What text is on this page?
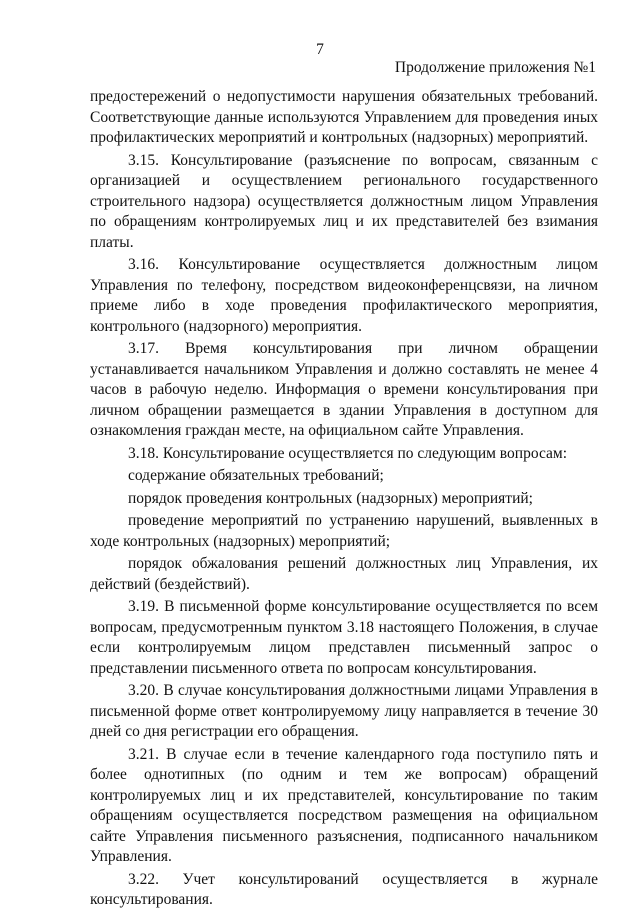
7
Продолжение приложения №1

предостережений о недопустимости нарушения обязательных требований. Соответствующие данные используются Управлением для проведения иных профилактических мероприятий и контрольных (надзорных) мероприятий.

3.15. Консультирование (разъяснение по вопросам, связанным с организацией и осуществлением регионального государственного строительного надзора) осуществляется должностным лицом Управления по обращениям контролируемых лиц и их представителей без взимания платы.

3.16. Консультирование осуществляется должностным лицом Управления по телефону, посредством видеоконференцсвязи, на личном приеме либо в ходе проведения профилактического мероприятия, контрольного (надзорного) мероприятия.

3.17. Время консультирования при личном обращении устанавливается начальником Управления и должно составлять не менее 4 часов в рабочую неделю. Информация о времени консультирования при личном обращении размещается в здании Управления в доступном для ознакомления граждан месте, на официальном сайте Управления.

3.18. Консультирование осуществляется по следующим вопросам:

содержание обязательных требований;

порядок проведения контрольных (надзорных) мероприятий;

проведение мероприятий по устранению нарушений, выявленных в ходе контрольных (надзорных) мероприятий;

порядок обжалования решений должностных лиц Управления, их действий (бездействий).

3.19. В письменной форме консультирование осуществляется по всем вопросам, предусмотренным пунктом 3.18 настоящего Положения, в случае если контролируемым лицом представлен письменный запрос о представлении письменного ответа по вопросам консультирования.

3.20. В случае консультирования должностными лицами Управления в письменной форме ответ контролируемому лицу направляется в течение 30 дней со дня регистрации его обращения.

3.21. В случае если в течение календарного года поступило пять и более однотипных (по одним и тем же вопросам) обращений контролируемых лиц и их представителей, консультирование по таким обращениям осуществляется посредством размещения на официальном сайте Управления письменного разъяснения, подписанного начальником Управления.

3.22. Учет консультирований осуществляется в журнале консультирования.
